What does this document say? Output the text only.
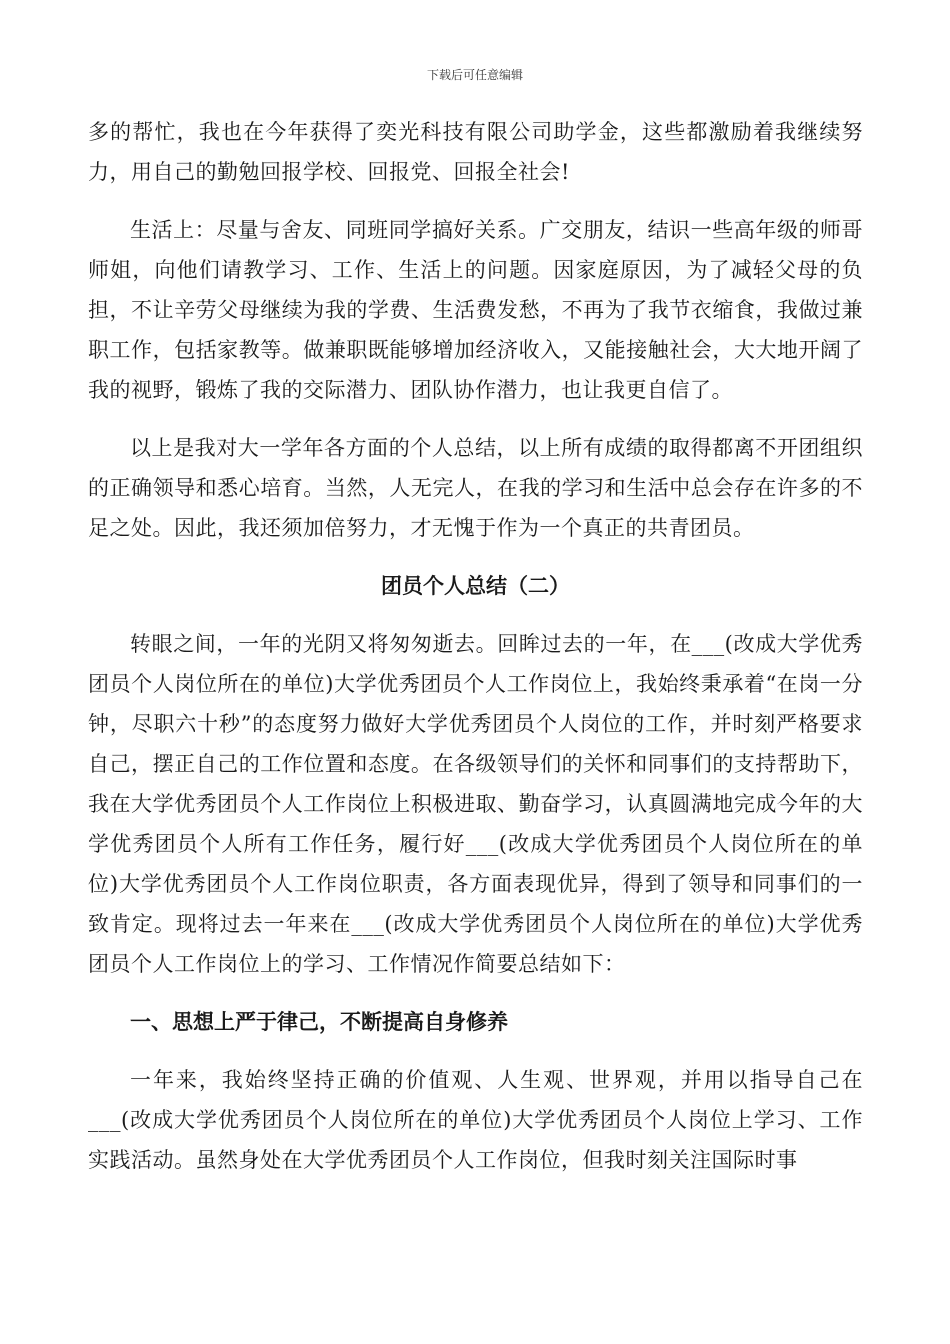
下载后可任意编辑

多的帮忙，我也在今年获得了奕光科技有限公司助学金，这些都激励着我继续努力，用自己的勤勉回报学校、回报党、回报全社会!

生活上：尽量与舍友、同班同学搞好关系。广交朋友，结识一些高年级的师哥师姐，向他们请教学习、工作、生活上的问题。因家庭原因，为了减轻父母的负担，不让辛劳父母继续为我的学费、生活费发愁，不再为了我节衣缩食，我做过兼职工作，包括家教等。做兼职既能够增加经济收入，又能接触社会，大大地开阔了我的视野，锻炼了我的交际潜力、团队协作潜力，也让我更自信了。

以上是我对大一学年各方面的个人总结，以上所有成绩的取得都离不开团组织的正确领导和悉心培育。当然，人无完人，在我的学习和生活中总会存在许多的不足之处。因此，我还须加倍努力，才无愧于作为一个真正的共青团员。

团员个人总结（二）

转眼之间，一年的光阴又将匆匆逝去。回眸过去的一年，在___(改成大学优秀团员个人岗位所在的单位)大学优秀团员个人工作岗位上，我始终秉承着“在岗一分钟，尽职六十秒”的态度努力做好大学优秀团员个人岗位的工作，并时刻严格要求自己，摆正自己的工作位置和态度。在各级领导们的关怀和同事们的支持帮助下，我在大学优秀团员个人工作岗位上积极进取、勤奋学习，认真圆满地完成今年的大学优秀团员个人所有工作任务，履行好___(改成大学优秀团员个人岗位所在的单位)大学优秀团员个人工作岗位职责，各方面表现优异，得到了领导和同事们的一致肯定。现将过去一年来在___(改成大学优秀团员个人岗位所在的单位)大学优秀团员个人工作岗位上的学习、工作情况作简要总结如下：

一、思想上严于律己，不断提高自身修养

一年来，我始终坚持正确的价值观、人生观、世界观，并用以指导自己在___(改成大学优秀团员个人岗位所在的单位)大学优秀团员个人岗位上学习、工作实践活动。虽然身处在大学优秀团员个人工作岗位，但我时刻关注国际时事
